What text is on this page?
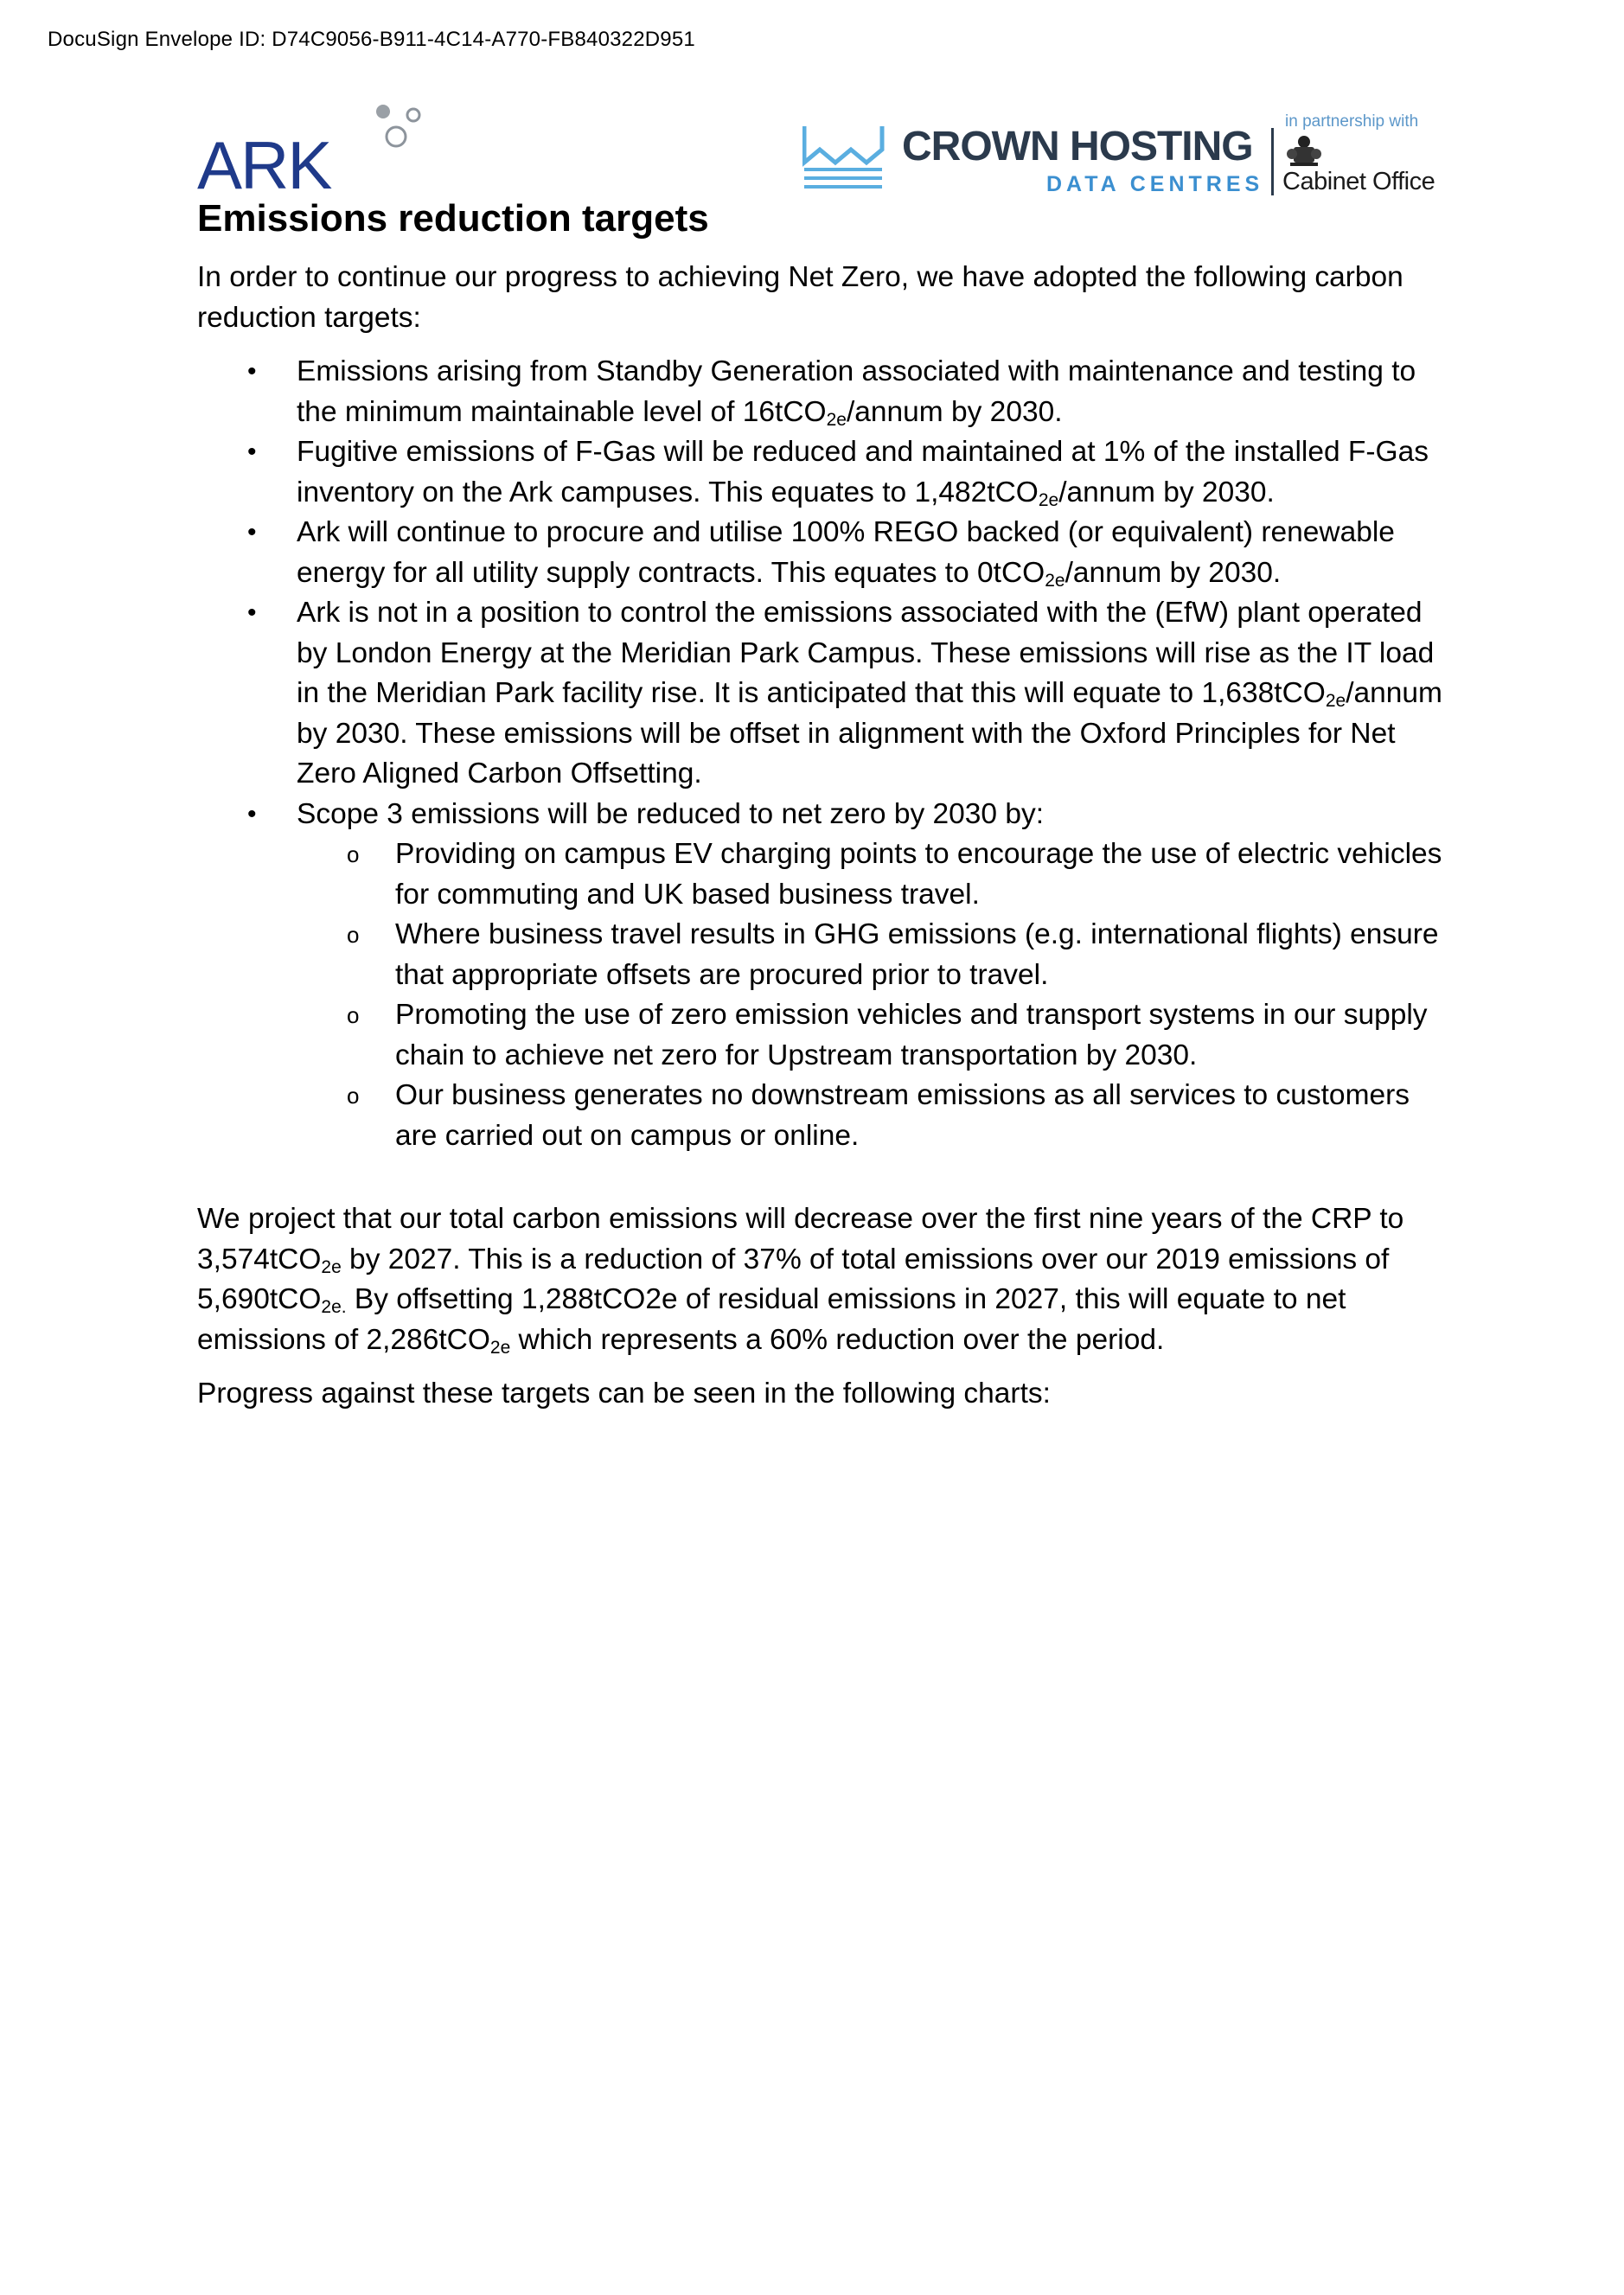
DocuSign Envelope ID: D74C9056-B911-4C14-A770-FB840322D951
ARK	CROWN HOSTING
DATA CENTRES
in partnership with
Cabinet Office
Emissions reduction targets

In order to continue our progress to achieving Net Zero, we have adopted the following carbon reduction targets:

• Emissions arising from Standby Generation associated with maintenance and testing to the minimum maintainable level of 16tCO$_{2e}$/annum by 2030.
• Fugitive emissions of F-Gas will be reduced and maintained at 1% of the installed F-Gas inventory on the Ark campuses. This equates to 1,482tCO$_{2e}$/annum by 2030.
• Ark will continue to procure and utilise 100% REGO backed (or equivalent) renewable energy for all utility supply contracts. This equates to 0tCO$_{2e}$/annum by 2030.
• Ark is not in a position to control the emissions associated with the (EfW) plant operated by London Energy at the Meridian Park Campus. These emissions will rise as the IT load in the Meridian Park facility rise. It is anticipated that this will equate to 1,638tCO$_{2e}$/annum by 2030. These emissions will be offset in alignment with the Oxford Principles for Net Zero Aligned Carbon Offsetting.
• Scope 3 emissions will be reduced to net zero by 2030 by:
o Providing on campus EV charging points to encourage the use of electric vehicles for commuting and UK based business travel.
o Where business travel results in GHG emissions (e.g. international flights) ensure that appropriate offsets are procured prior to travel.
o Promoting the use of zero emission vehicles and transport systems in our supply chain to achieve net zero for Upstream transportation by 2030.
o Our business generates no downstream emissions as all services to customers are carried out on campus or online.

We project that our total carbon emissions will decrease over the first nine years of the CRP to 3,574tCO$_{2e}$ by 2027. This is a reduction of 37% of total emissions over our 2019 emissions of 5,690tCO$_{2e.}$ By offsetting 1,288tCO2e of residual emissions in 2027, this will equate to net emissions of 2,286tCO$_{2e}$ which represents a 60% reduction over the period.

Progress against these targets can be seen in the following charts:
